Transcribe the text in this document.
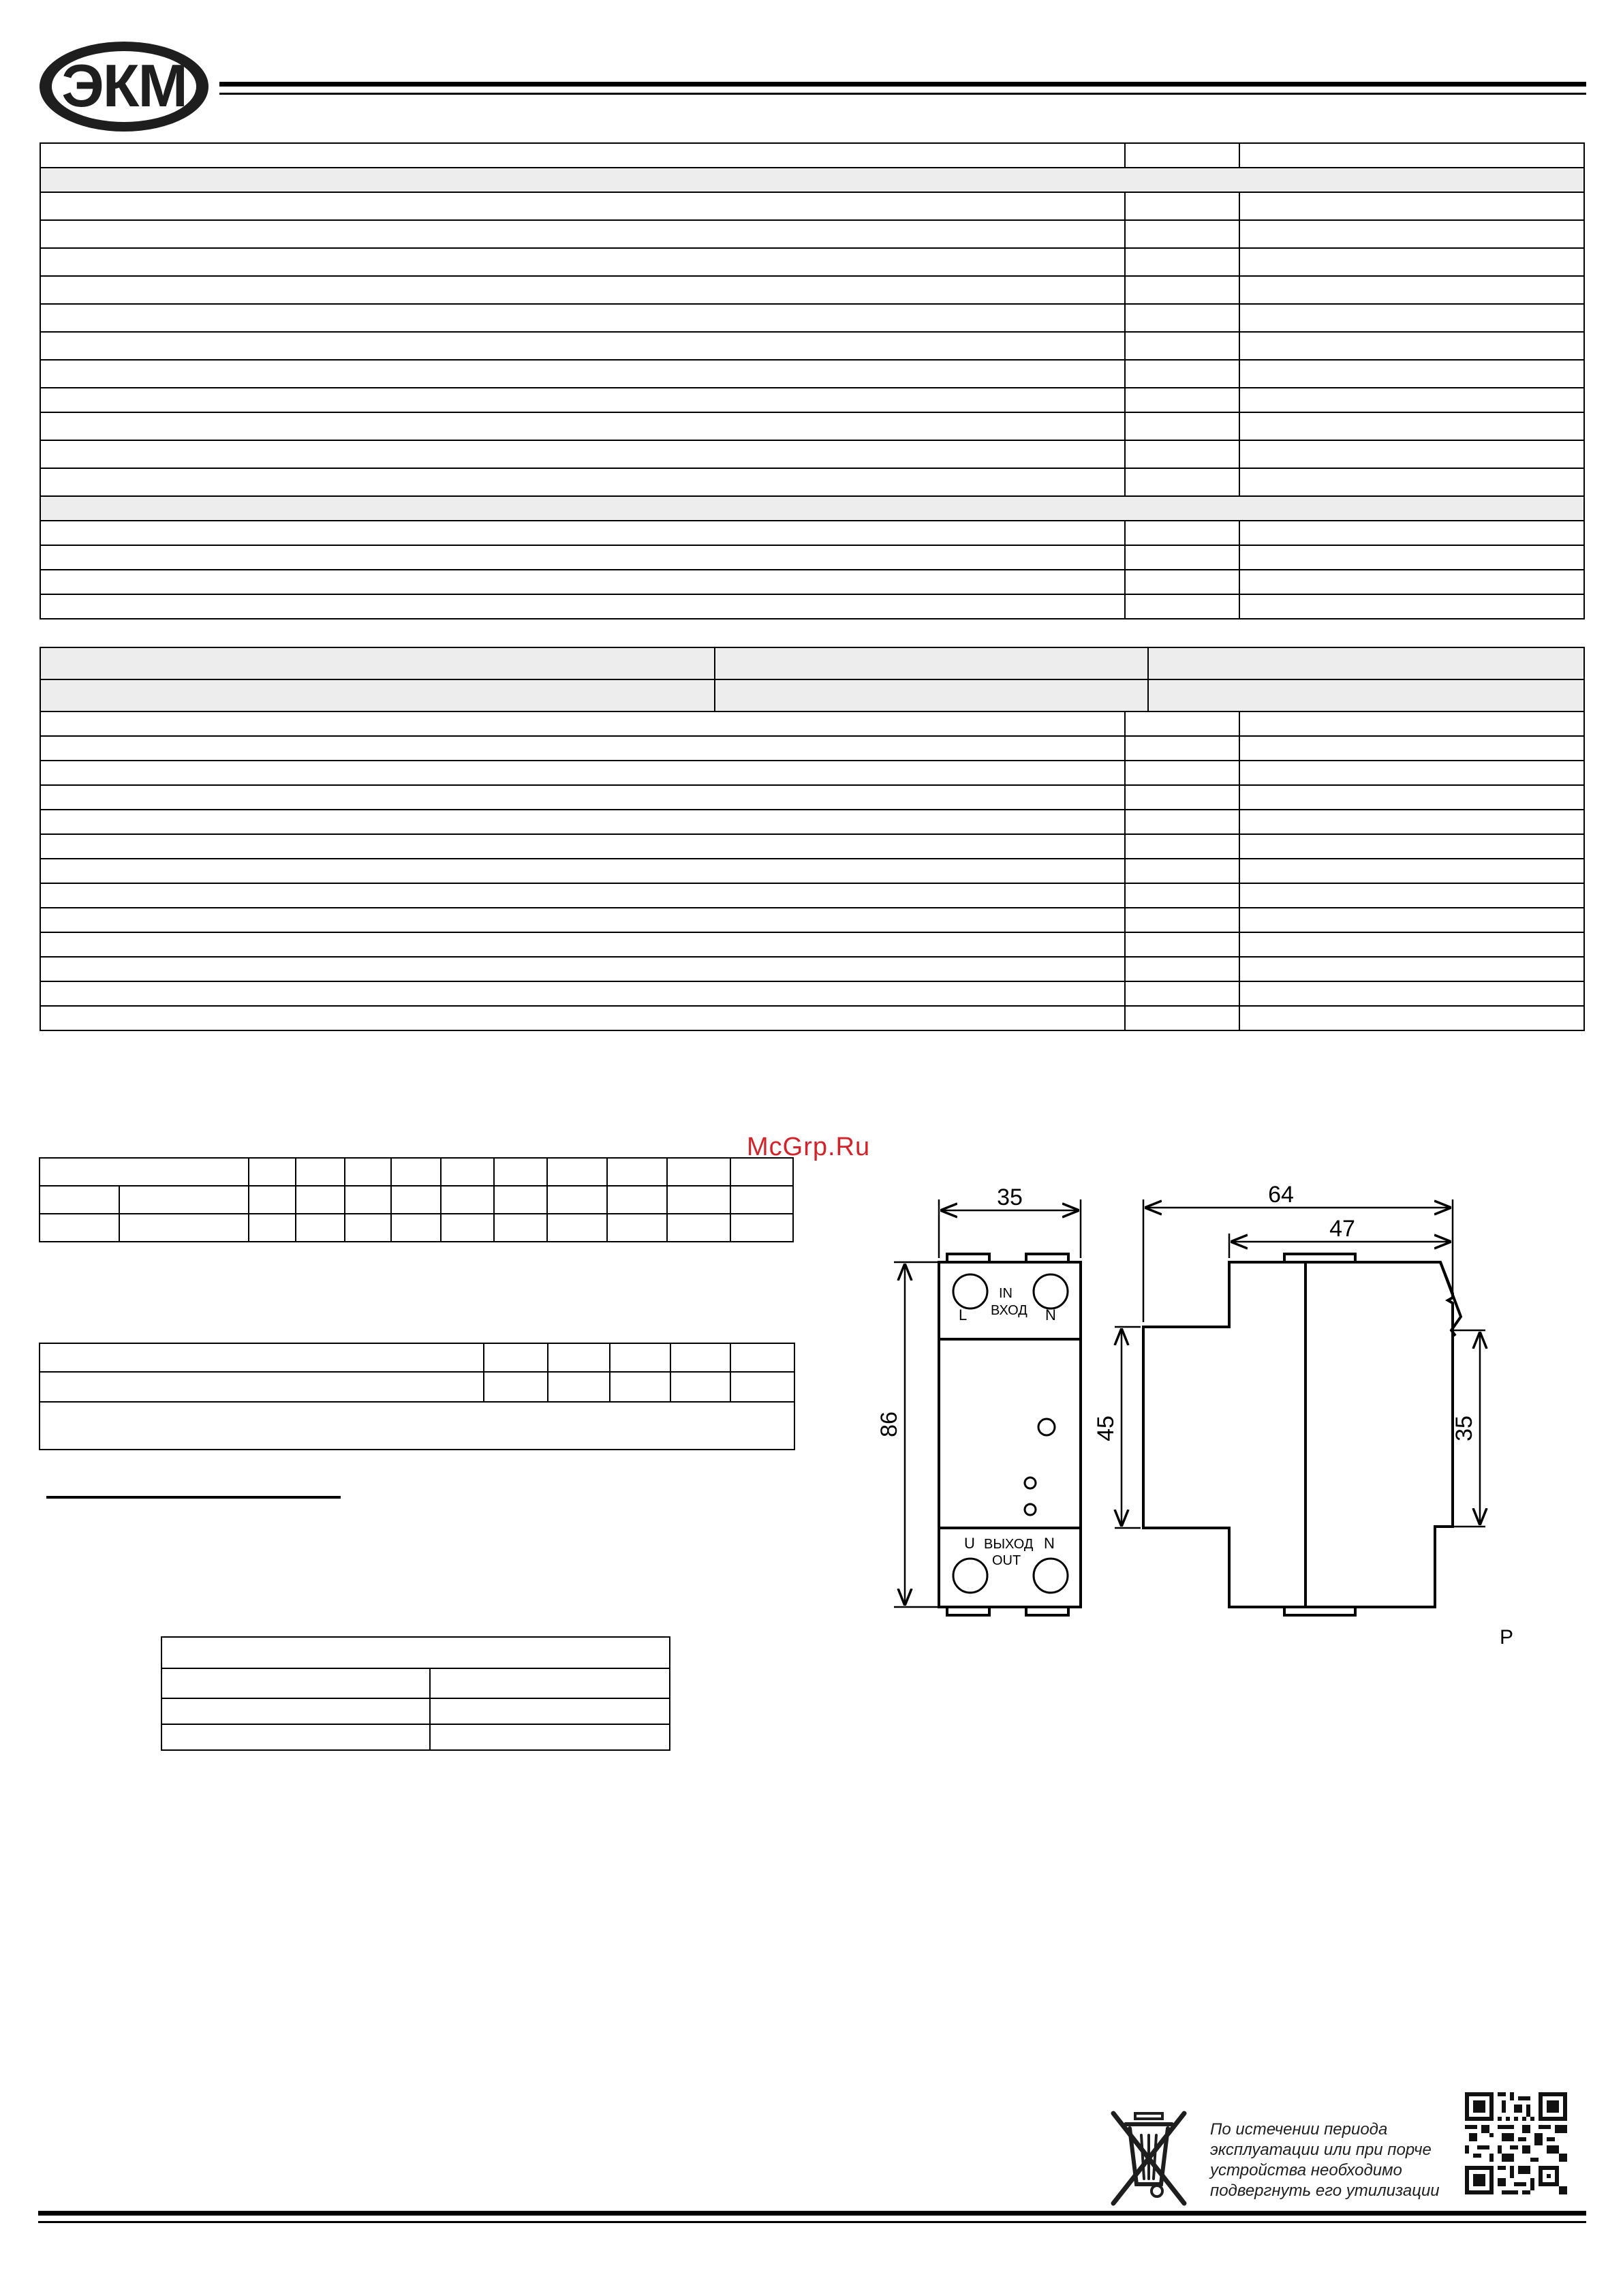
ЭКМ

McGrp.Ru
35
86
L	N
IN
ВХОД
U	N
ВЫХОД
OUT
64
47
45	35
Р
По истечении периода
эксплуатации или при порче
устройства необходимо
подвергнуть его утилизации
